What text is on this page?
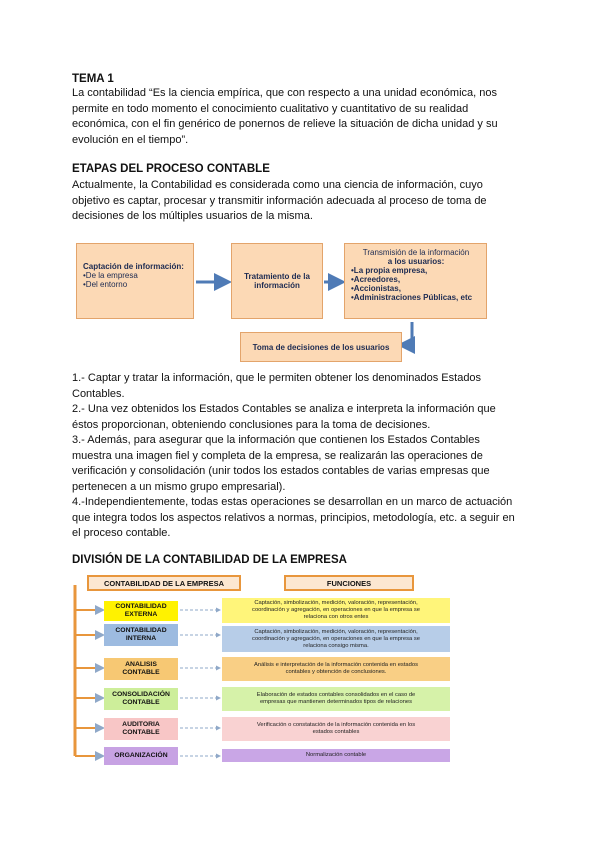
TEMA 1
La contabilidad “Es la ciencia empírica, que con respecto a una unidad económica, nos
permite en todo momento el conocimiento cualitativo y cuantitativo de su realidad
económica, con el fin genérico de ponernos de relieve la situación de dicha unidad y su
evolución en el tiempo”.
ETAPAS DEL PROCESO CONTABLE
Actualmente, la Contabilidad es considerada como una ciencia de información, cuyo
objetivo es captar, procesar y transmitir información adecuada al proceso de toma de
decisiones de los múltiples usuarios de la misma.
Captación de información:
•De la empresa
•Del entorno
Tratamiento de la
información
Transmisión de la información
a los usuarios:
•La propia empresa,
•Acreedores,
•Accionistas,
•Administraciones Públicas, etc
Toma de decisiones de los usuarios
1.- Captar y tratar la información, que le permiten obtener los denominados Estados
Contables.
2.- Una vez obtenidos los Estados Contables se analiza e interpreta la información que
éstos proporcionan, obteniendo conclusiones para la toma de decisiones.
3.- Además, para asegurar que la información que contienen los Estados Contables
muestra una imagen fiel y completa de la empresa, se realizarán las operaciones de
verificación y consolidación (unir todos los estados contables de varias empresas que
pertenecen a un mismo grupo empresarial).
4.-Independientemente, todas estas operaciones se desarrollan en un marco de actuación
que integra todos los aspectos relativos a normas, principios, metodología, etc. a seguir en
el proceso contable.
DIVISIÓN DE LA CONTABILIDAD DE LA EMPRESA
CONTABILIDAD DE LA EMPRESA	FUNCIONES
CONTABILIDAD
EXTERNA
Captación, simbolización, medición, valoración, representación,
coordinación y agregación, en operaciones en que la empresa se
relaciona con otros entes
CONTABILIDAD
INTERNA
Captación, simbolización, medición, valoración, representación,
coordinación y agregación, en operaciones en que la empresa se
relaciona consigo misma.
ANALISIS
CONTABLE
Análisis e interpretación de la información contenida en estados
contables y obtención de conclusiones.
CONSOLIDACIÓN
CONTABLE
Elaboración de estados contables consolidados en el caso de
empresas que mantienen determinados tipos de relaciones
AUDITORIA
CONTABLE
Verificación o constatación de la información contenida en los
estados contables
ORGANIZACIÓN	Normalización contable
